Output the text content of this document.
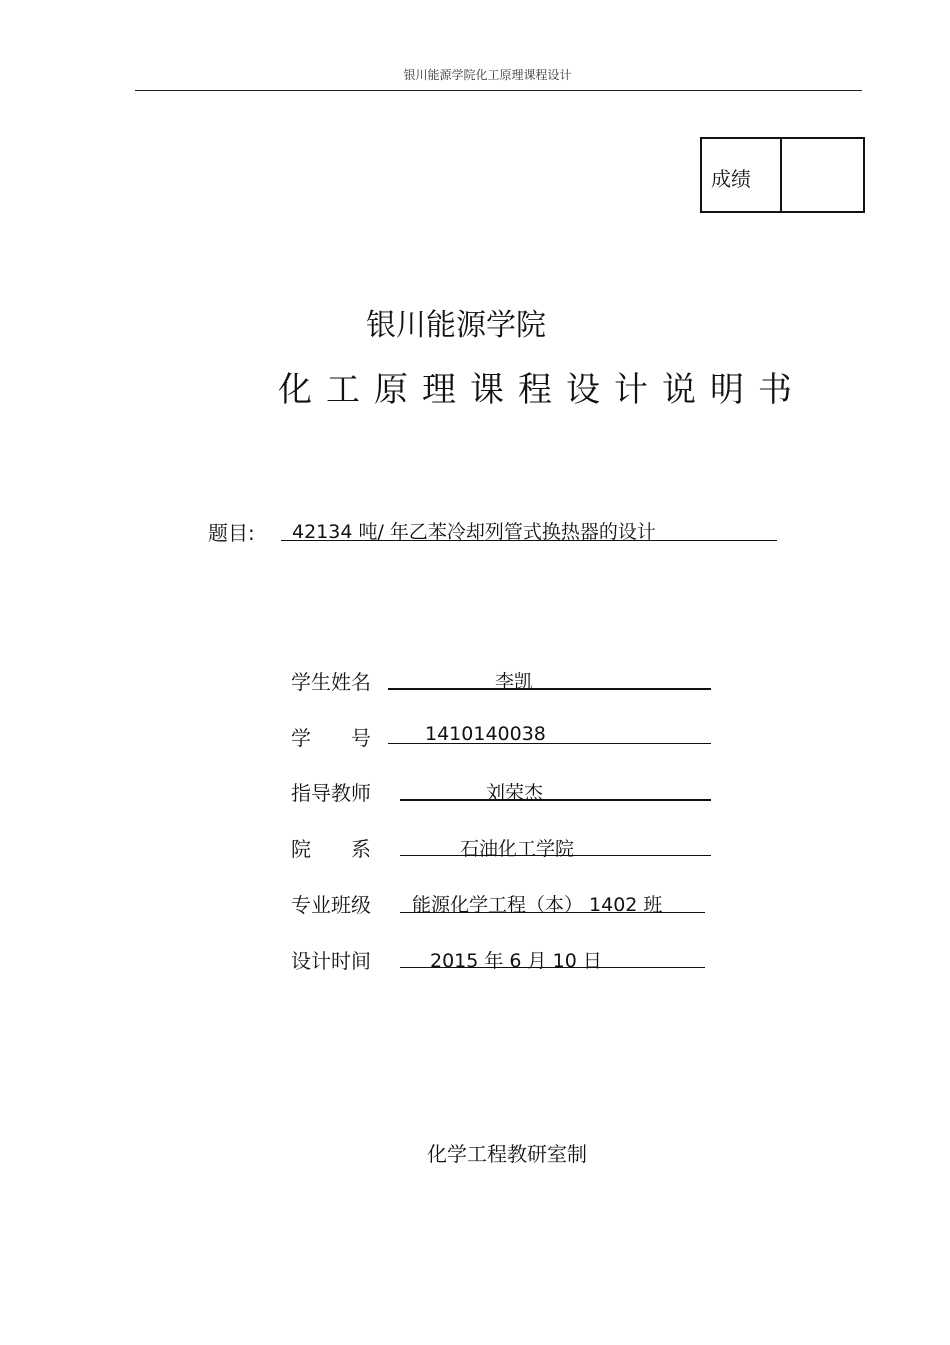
银川能源学院化工原理课程设计
成绩
银川能源学院
化工原理课程设计说明书
题目: 42134 吨/ 年乙苯冷却列管式换热器的设计
学生姓名	李凯
学　　号	1410140038
指导教师	刘荣杰
院　　系	石油化工学院
专业班级 能源化学工程（本） 1402 班
设计时间	2015 年 6 月 10 日
化学工程教研室制
